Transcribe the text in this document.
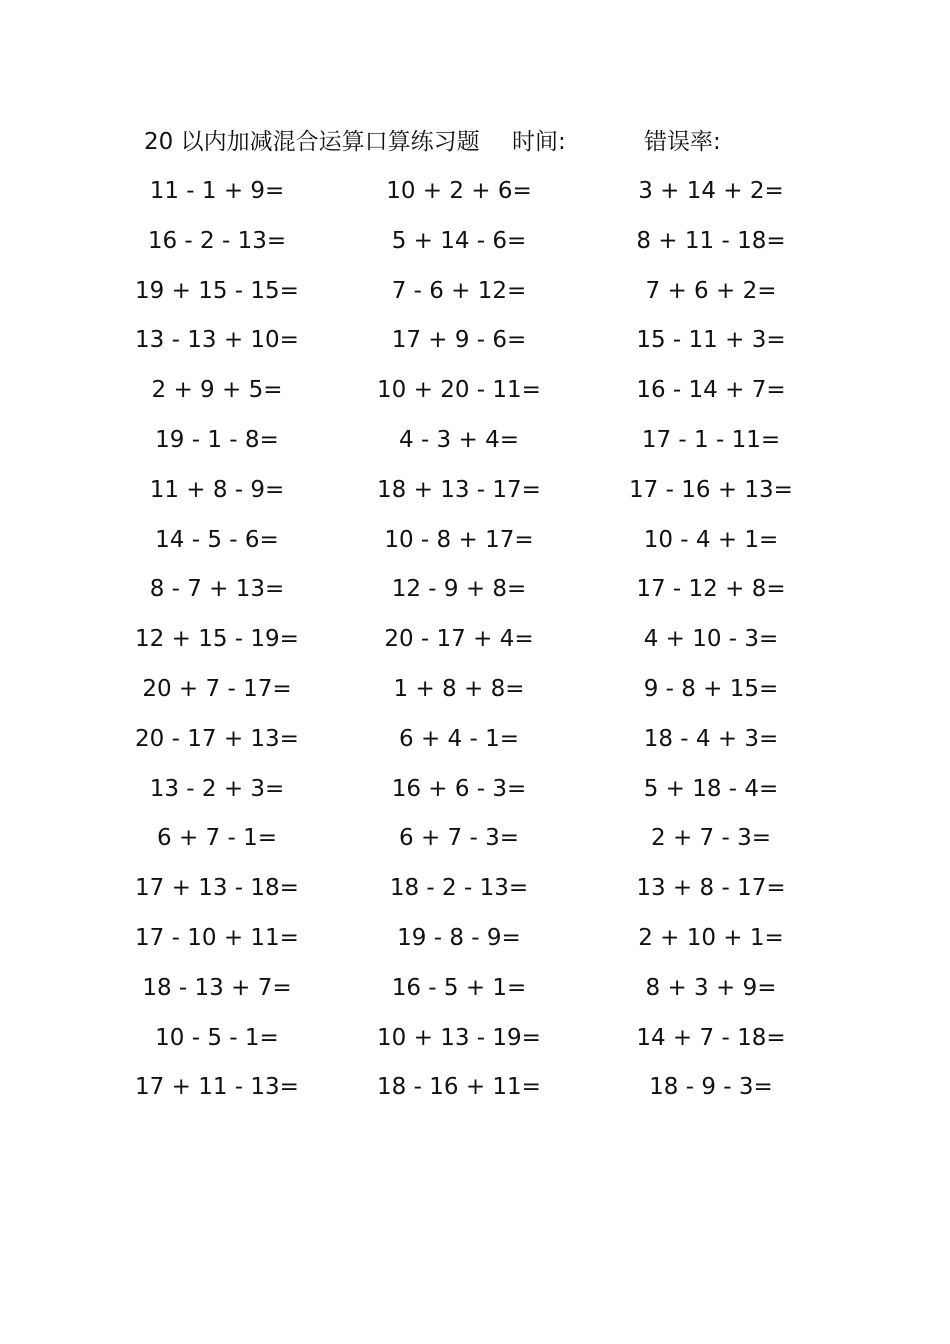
20 以内加减混合运算口算练习题 时间:	错误率:
11 - 1 + 9=	10 + 2 + 6=	3 + 14 + 2=
16 - 2 - 13=	5 + 14 - 6=	8 + 11 - 18=
19 + 15 - 15=	7 - 6 + 12=	7 + 6 + 2=
13 - 13 + 10=	17 + 9 - 6=	15 - 11 + 3=
2 + 9 + 5=	10 + 20 - 11=	16 - 14 + 7=
19 - 1 - 8=	4 - 3 + 4=	17 - 1 - 11=
11 + 8 - 9=	18 + 13 - 17=	17 - 16 + 13=
14 - 5 - 6=	10 - 8 + 17=	10 - 4 + 1=
8 - 7 + 13=	12 - 9 + 8=	17 - 12 + 8=
12 + 15 - 19=	20 - 17 + 4=	4 + 10 - 3=
20 + 7 - 17=	1 + 8 + 8=	9 - 8 + 15=
20 - 17 + 13=	6 + 4 - 1=	18 - 4 + 3=
13 - 2 + 3=	16 + 6 - 3=	5 + 18 - 4=
6 + 7 - 1=	6 + 7 - 3=	2 + 7 - 3=
17 + 13 - 18=	18 - 2 - 13=	13 + 8 - 17=
17 - 10 + 11=	19 - 8 - 9=	2 + 10 + 1=
18 - 13 + 7=	16 - 5 + 1=	8 + 3 + 9=
10 - 5 - 1=	10 + 13 - 19=	14 + 7 - 18=
17 + 11 - 13=	18 - 16 + 11=	18 - 9 - 3=
